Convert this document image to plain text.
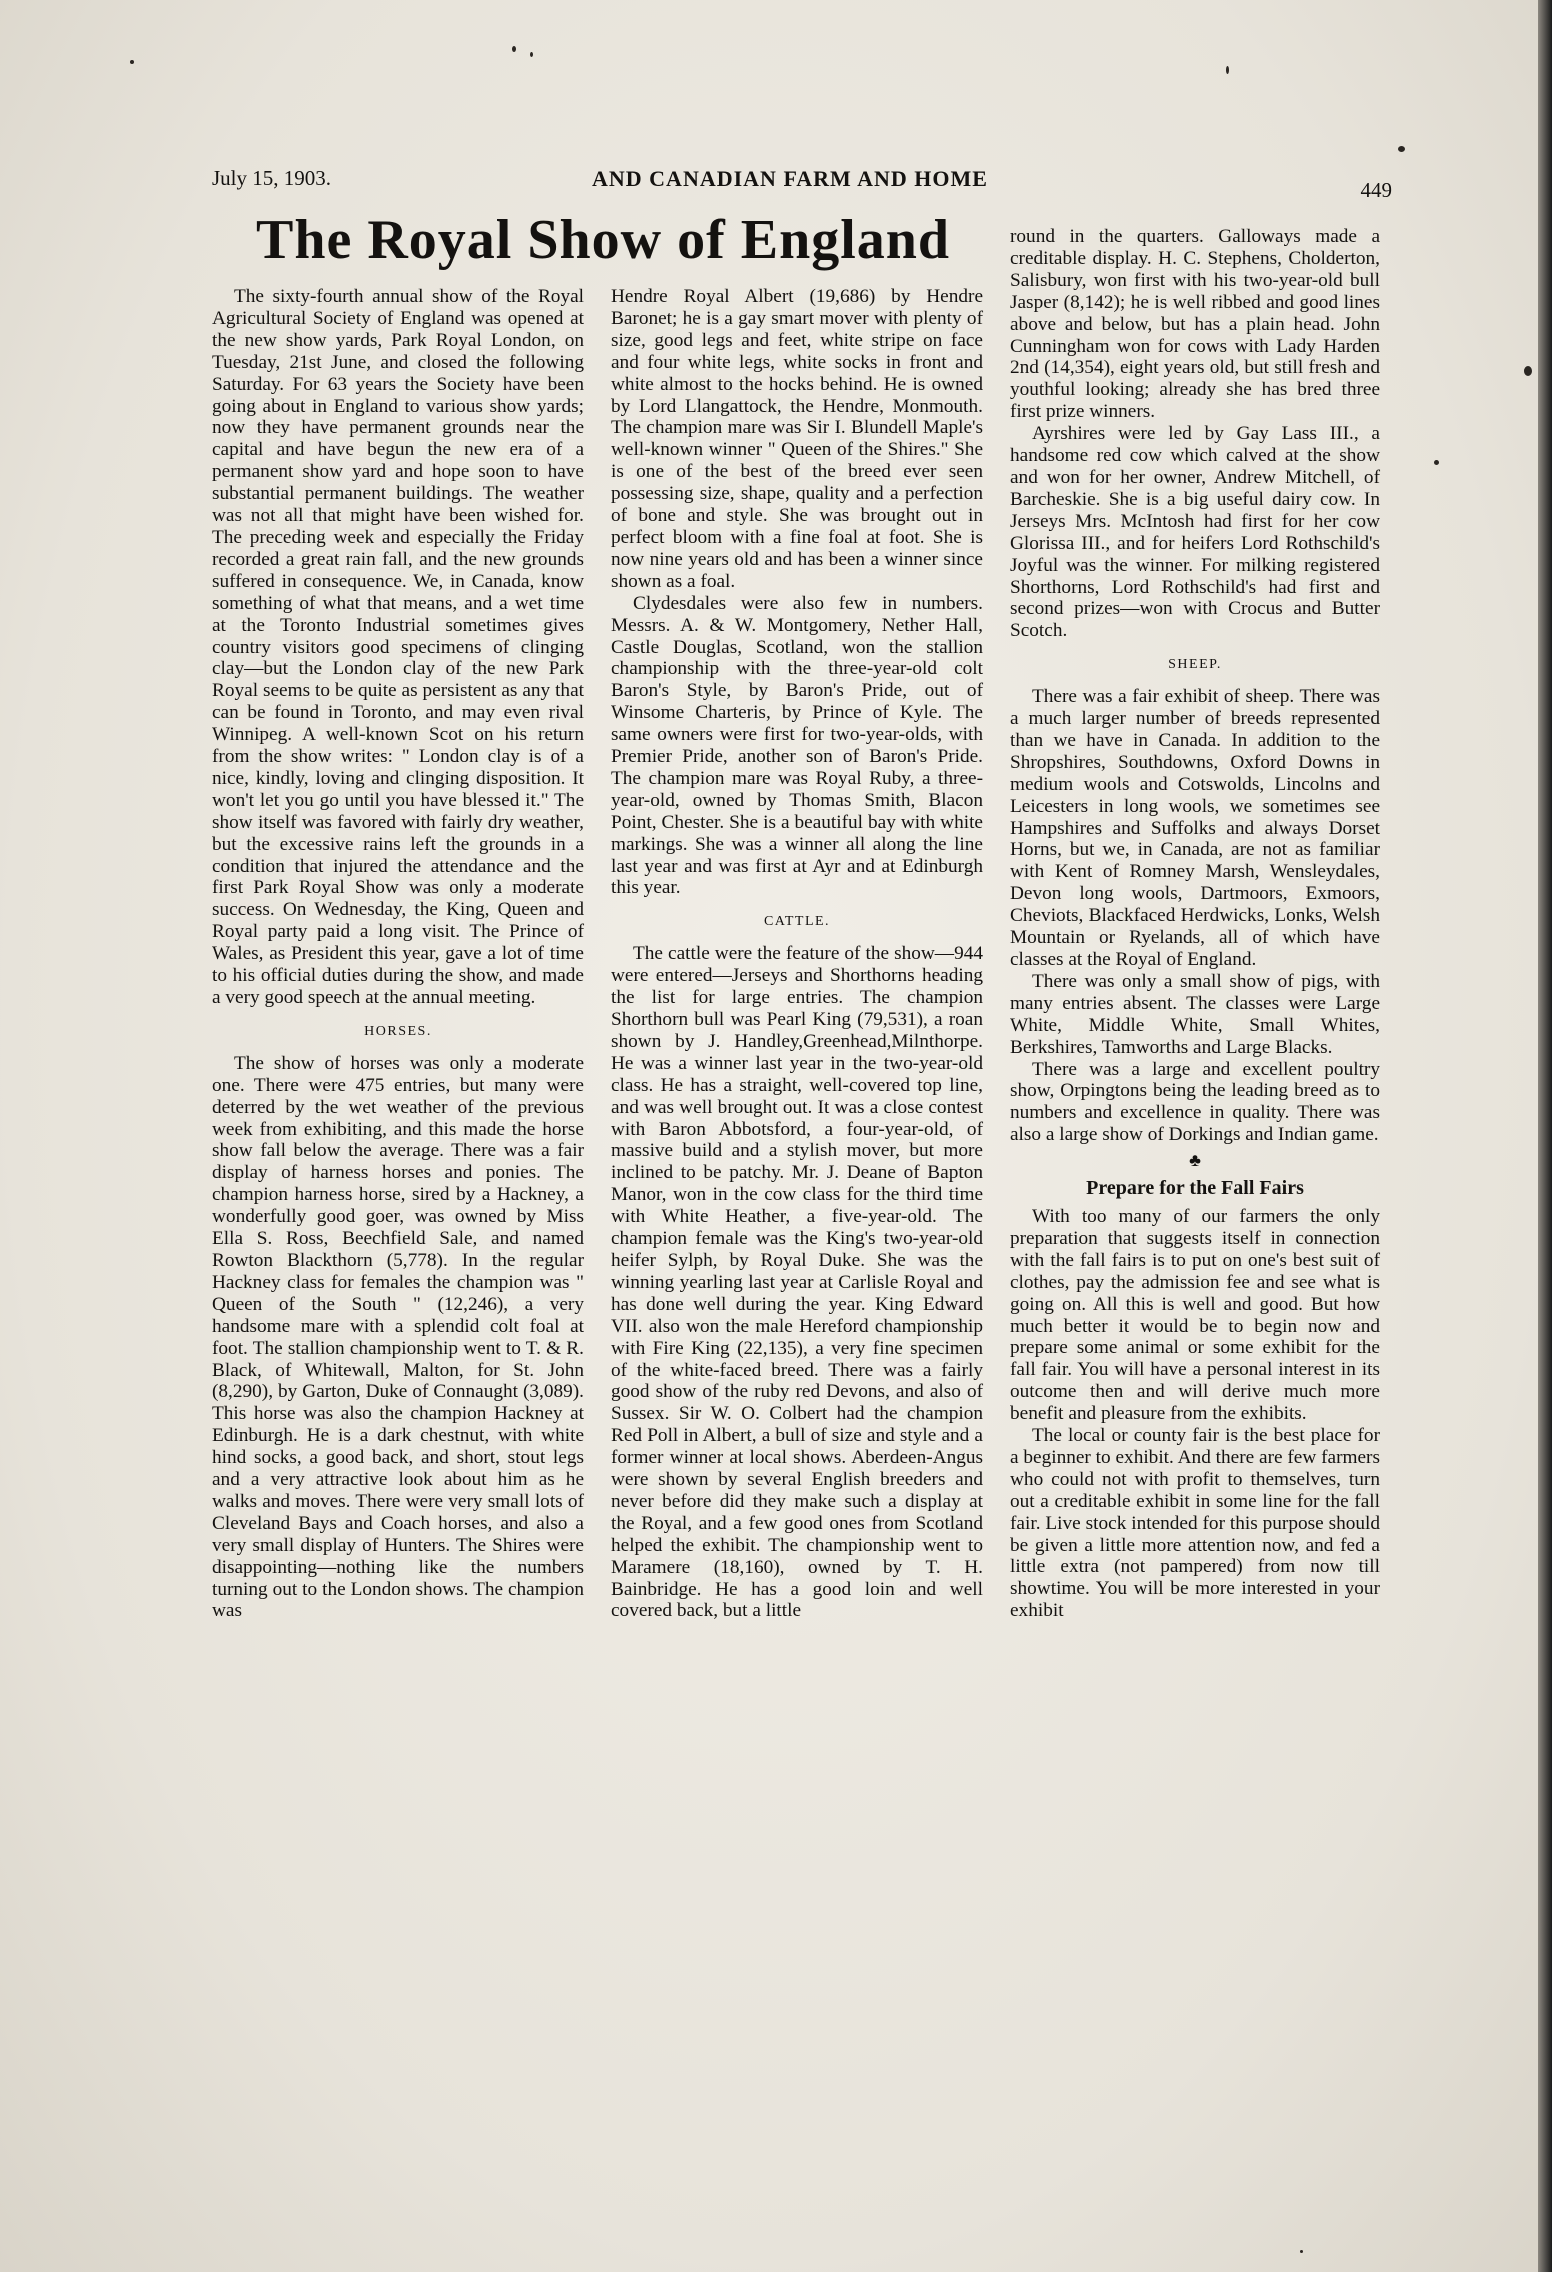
July 15, 1903.	AND CANADIAN FARM AND HOME	449
The Royal Show of England

The sixty-fourth annual show of the Royal Agricultural Society of England was opened at the new show yards, Park Royal London, on Tuesday, 21st June, and closed the following Saturday. For 63 years the Society have been going about in England to various show yards; now they have permanent grounds near the capital and have begun the new era of a permanent show yard and hope soon to have substantial permanent buildings. The weather was not all that might have been wished for. The preceding week and especially the Friday recorded a great rain fall, and the new grounds suffered in consequence. We, in Canada, know something of what that means, and a wet time at the Toronto Industrial sometimes gives country visitors good specimens of clinging clay—but the London clay of the new Park Royal seems to be quite as persistent as any that can be found in Toronto, and may even rival Winnipeg. A well-known Scot on his return from the show writes: " London clay is of a nice, kindly, loving and clinging disposition. It won't let you go until you have blessed it." The show itself was favored with fairly dry weather, but the excessive rains left the grounds in a condition that injured the attendance and the first Park Royal Show was only a moderate success. On Wednesday, the King, Queen and Royal party paid a long visit. The Prince of Wales, as President this year, gave a lot of time to his official duties during the show, and made a very good speech at the annual meeting.

HORSES.

The show of horses was only a moderate one. There were 475 entries, but many were deterred by the wet weather of the previous week from exhibiting, and this made the horse show fall below the average. There was a fair display of harness horses and ponies. The champion harness horse, sired by a Hackney, a wonderfully good goer, was owned by Miss Ella S. Ross, Beechfield Sale, and named Rowton Blackthorn (5,778). In the regular Hackney class for females the champion was " Queen of the South " (12,246), a very handsome mare with a splendid colt foal at foot. The stallion championship went to T. & R. Black, of Whitewall, Malton, for St. John (8,290), by Garton, Duke of Connaught (3,089). This horse was also the champion Hackney at Edinburgh. He is a dark chestnut, with white hind socks, a good back, and short, stout legs and a very attractive look about him as he walks and moves. There were very small lots of Cleveland Bays and Coach horses, and also a very small display of Hunters. The Shires were disappointing—nothing like the numbers turning out to the London shows. The champion was

Hendre Royal Albert (19,686) by Hendre Baronet; he is a gay smart mover with plenty of size, good legs and feet, white stripe on face and four white legs, white socks in front and white almost to the hocks behind. He is owned by Lord Llangattock, the Hendre, Monmouth. The champion mare was Sir I. Blundell Maple's well-known winner " Queen of the Shires." She is one of the best of the breed ever seen possessing size, shape, quality and a perfection of bone and style. She was brought out in perfect bloom with a fine foal at foot. She is now nine years old and has been a winner since shown as a foal.

Clydesdales were also few in numbers. Messrs. A. & W. Montgomery, Nether Hall, Castle Douglas, Scotland, won the stallion championship with the three-year-old colt Baron's Style, by Baron's Pride, out of Winsome Charteris, by Prince of Kyle. The same owners were first for two-year-olds, with Premier Pride, another son of Baron's Pride. The champion mare was Royal Ruby, a three-year-old, owned by Thomas Smith, Blacon Point, Chester. She is a beautiful bay with white markings. She was a winner all along the line last year and was first at Ayr and at Edinburgh this year.

CATTLE.

The cattle were the feature of the show—944 were entered—Jerseys and Shorthorns heading the list for large entries. The champion Shorthorn bull was Pearl King (79,531), a roan shown by J. Handley,Greenhead,Milnthorpe. He was a winner last year in the two-year-old class. He has a straight, well-covered top line, and was well brought out. It was a close contest with Baron Abbotsford, a four-year-old, of massive build and a stylish mover, but more inclined to be patchy. Mr. J. Deane of Bapton Manor, won in the cow class for the third time with White Heather, a five-year-old. The champion female was the King's two-year-old heifer Sylph, by Royal Duke. She was the winning yearling last year at Carlisle Royal and has done well during the year. King Edward VII. also won the male Hereford championship with Fire King (22,135), a very fine specimen of the white-faced breed. There was a fairly good show of the ruby red Devons, and also of Sussex. Sir W. O. Colbert had the champion Red Poll in Albert, a bull of size and style and a former winner at local shows. Aberdeen-Angus were shown by several English breeders and never before did they make such a display at the Royal, and a few good ones from Scotland helped the exhibit. The championship went to Maramere (18,160), owned by T. H. Bainbridge. He has a good loin and well covered back, but a little

round in the quarters. Galloways made a creditable display. H. C. Stephens, Cholderton, Salisbury, won first with his two-year-old bull Jasper (8,142); he is well ribbed and good lines above and below, but has a plain head. John Cunningham won for cows with Lady Harden 2nd (14,354), eight years old, but still fresh and youthful looking; already she has bred three first prize winners.

Ayrshires were led by Gay Lass III., a handsome red cow which calved at the show and won for her owner, Andrew Mitchell, of Barcheskie. She is a big useful dairy cow. In Jerseys Mrs. McIntosh had first for her cow Glorissa III., and for heifers Lord Rothschild's Joyful was the winner. For milking registered Shorthorns, Lord Rothschild's had first and second prizes—won with Crocus and Butter Scotch.

SHEEP.

There was a fair exhibit of sheep. There was a much larger number of breeds represented than we have in Canada. In addition to the Shropshires, Southdowns, Oxford Downs in medium wools and Cotswolds, Lincolns and Leicesters in long wools, we sometimes see Hampshires and Suffolks and always Dorset Horns, but we, in Canada, are not as familiar with Kent of Romney Marsh, Wensleydales, Devon long wools, Dartmoors, Exmoors, Cheviots, Blackfaced Herdwicks, Lonks, Welsh Mountain or Ryelands, all of which have classes at the Royal of England.

There was only a small show of pigs, with many entries absent. The classes were Large White, Middle White, Small Whites, Berkshires, Tamworths and Large Blacks.

There was a large and excellent poultry show, Orpingtons being the leading breed as to numbers and excellence in quality. There was also a large show of Dorkings and Indian game.

♣
Prepare for the Fall Fairs

With too many of our farmers the only preparation that suggests itself in connection with the fall fairs is to put on one's best suit of clothes, pay the admission fee and see what is going on. All this is well and good. But how much better it would be to begin now and prepare some animal or some exhibit for the fall fair. You will have a personal interest in its outcome then and will derive much more benefit and pleasure from the exhibits.

The local or county fair is the best place for a beginner to exhibit. And there are few farmers who could not with profit to themselves, turn out a creditable exhibit in some line for the fall fair. Live stock intended for this purpose should be given a little more attention now, and fed a little extra (not pampered) from now till showtime. You will be more interested in your exhibit
